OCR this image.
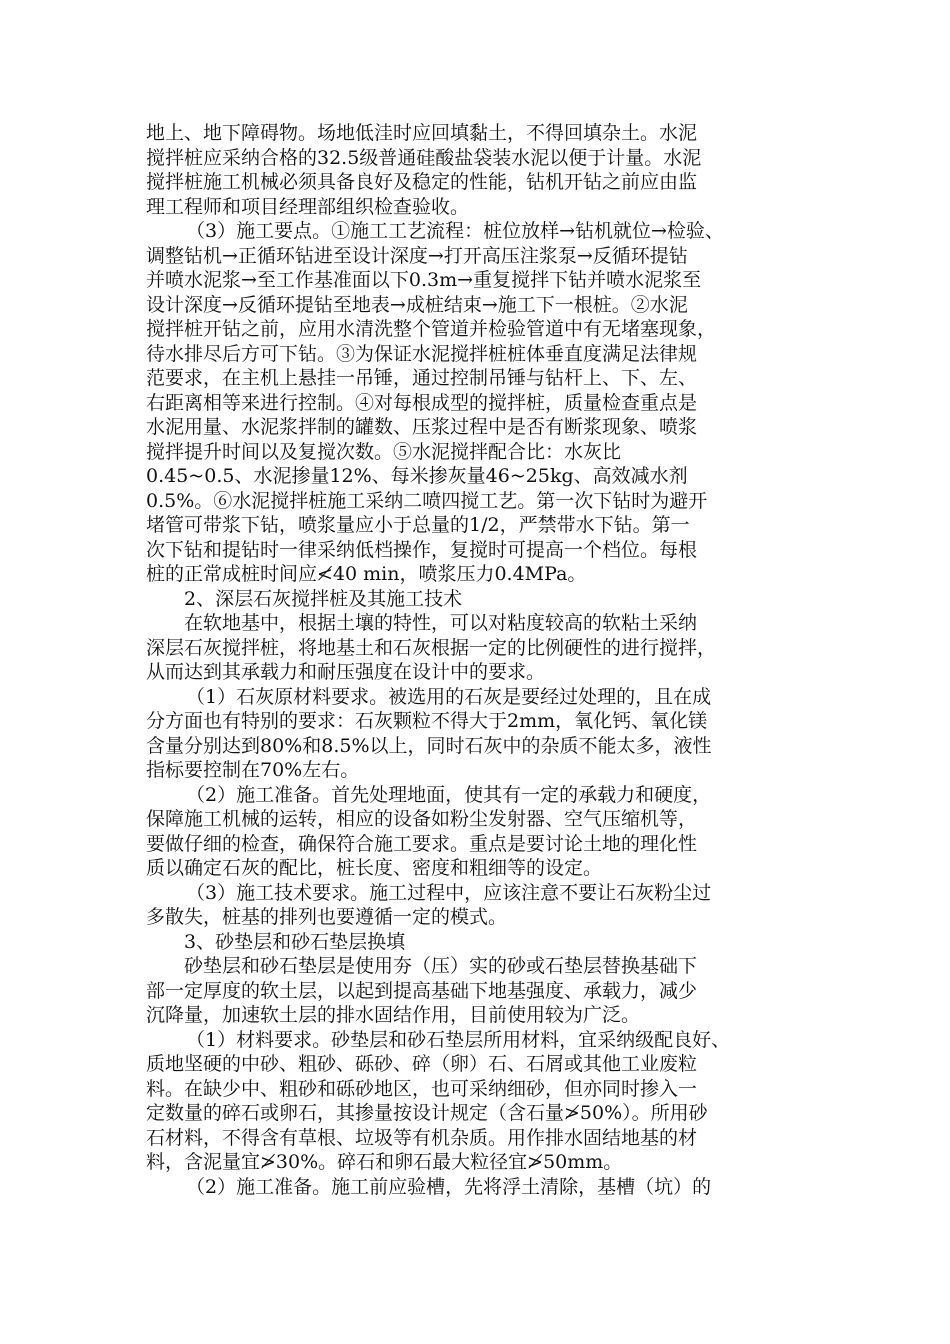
地上、地下障碍物。场地低洼时应回填黏土，不得回填杂土。水泥
搅拌桩应采纳合格的32.5级普通硅酸盐袋装水泥以便于计量。水泥
搅拌桩施工机械必须具备良好及稳定的性能，钻机开钻之前应由监
理工程师和项目经理部组织检查验收。
（3）施工要点。①施工工艺流程：桩位放样→钻机就位→检验、
调整钻机→正循环钻进至设计深度→打开高压注浆泵→反循环提钻
并喷水泥浆→至工作基准面以下0.3m→重复搅拌下钻并喷水泥浆至
设计深度→反循环提钻至地表→成桩结束→施工下一根桩。②水泥
搅拌桩开钻之前，应用水清洗整个管道并检验管道中有无堵塞现象，
待水排尽后方可下钻。③为保证水泥搅拌桩桩体垂直度满足法律规
范要求，在主机上悬挂一吊锤，通过控制吊锤与钻杆上、下、左、
右距离相等来进行控制。④对每根成型的搅拌桩，质量检查重点是
水泥用量、水泥浆拌制的罐数、压浆过程中是否有断浆现象、喷浆
搅拌提升时间以及复搅次数。⑤水泥搅拌配合比：水灰比
0.45~0.5、水泥掺量12%、每米掺灰量46~25kg、高效减水剂
0.5%。⑥水泥搅拌桩施工采纳二喷四搅工艺。第一次下钻时为避开
堵管可带浆下钻，喷浆量应小于总量的1/2，严禁带水下钻。第一
次下钻和提钻时一律采纳低档操作，复搅时可提高一个档位。每根
桩的正常成桩时间应≮40 min，喷浆压力0.4MPa。
2、深层石灰搅拌桩及其施工技术
在软地基中，根据土壤的特性，可以对粘度较高的软粘土采纳
深层石灰搅拌桩，将地基土和石灰根据一定的比例硬性的进行搅拌，
从而达到其承载力和耐压强度在设计中的要求。
（1）石灰原材料要求。被选用的石灰是要经过处理的，且在成
分方面也有特别的要求：石灰颗粒不得大于2mm，氧化钙、氧化镁
含量分别达到80%和8.5%以上，同时石灰中的杂质不能太多，液性
指标要控制在70%左右。
（2）施工准备。首先处理地面，使其有一定的承载力和硬度，
保障施工机械的运转，相应的设备如粉尘发射器、空气压缩机等，
要做仔细的检查，确保符合施工要求。重点是要讨论土地的理化性
质以确定石灰的配比，桩长度、密度和粗细等的设定。
（3）施工技术要求。施工过程中，应该注意不要让石灰粉尘过
多散失，桩基的排列也要遵循一定的模式。
3、砂垫层和砂石垫层换填
砂垫层和砂石垫层是使用夯（压）实的砂或石垫层替换基础下
部一定厚度的软土层，以起到提高基础下地基强度、承载力，减少
沉降量，加速软土层的排水固结作用，目前使用较为广泛。
（1）材料要求。砂垫层和砂石垫层所用材料，宜采纳级配良好、
质地坚硬的中砂、粗砂、砾砂、碎（卵）石、石屑或其他工业废粒
料。在缺少中、粗砂和砾砂地区，也可采纳细砂，但亦同时掺入一
定数量的碎石或卵石，其掺量按设计规定（含石量≯50%）。所用砂
石材料，不得含有草根、垃圾等有机杂质。用作排水固结地基的材
料，含泥量宜≯30%。碎石和卵石最大粒径宜≯50mm。
（2）施工准备。施工前应验槽，先将浮土清除，基槽（坑）的
